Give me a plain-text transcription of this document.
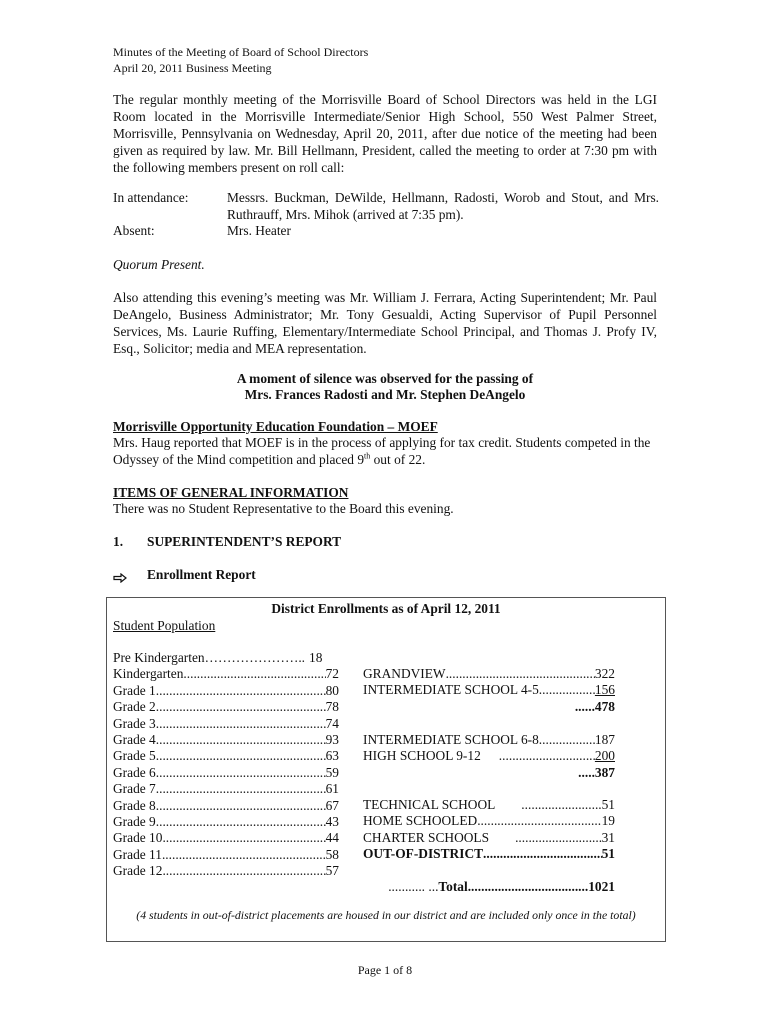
Minutes of the Meeting of Board of School Directors
April 20, 2011 Business Meeting
The regular monthly meeting of the Morrisville Board of School Directors was held in the LGI Room located in the Morrisville Intermediate/Senior High School, 550 West Palmer Street, Morrisville, Pennsylvania on Wednesday, April 20, 2011, after due notice of the meeting had been given as required by law. Mr. Bill Hellmann, President, called the meeting to order at 7:30 pm with the following members present on roll call:
In attendance:	Messrs. Buckman, DeWilde, Hellmann, Radosti, Worob and Stout, and Mrs. Ruthrauff, Mrs. Mihok (arrived at 7:35 pm).
Absent:	Mrs. Heater
Quorum Present.
Also attending this evening’s meeting was Mr. William J. Ferrara, Acting Superintendent; Mr. Paul DeAngelo, Business Administrator; Mr. Tony Gesualdi, Acting Supervisor of Pupil Personnel Services, Ms. Laurie Ruffing, Elementary/Intermediate School Principal, and Thomas J. Profy IV, Esq., Solicitor; media and MEA representation.
A moment of silence was observed for the passing of
Mrs. Frances Radosti and Mr. Stephen DeAngelo
Morrisville Opportunity Education Foundation – MOEF
Mrs. Haug reported that MOEF is in the process of applying for tax credit. Students competed in the Odyssey of the Mind competition and placed 9th out of 22.
ITEMS OF GENERAL INFORMATION
There was no Student Representative to the Board this evening.
1. SUPERINTENDENT’S REPORT
Enrollment Report
District Enrollments as of April 12, 2011
Student Population
Pre Kindergarten………………….. 18
Kindergarten .....	72
Grade 1 .....	80
Grade 2 .....	78
Grade 3 .....	74
Grade 4 .....	93
Grade 5 .....	63
Grade 6 .....	59
Grade 7 .....	61
Grade 8 .....	67
Grade 9 .....	43
Grade 10 .....	44
Grade 11 .....	58
Grade 12 .....	57
GRANDVIEW .....	322
INTERMEDIATE SCHOOL 4-5 .....	156
......478
INTERMEDIATE SCHOOL 6-8 .....	187
HIGH SCHOOL 9-12 .....	200
.....387
TECHNICAL SCHOOL .....	51
HOME SCHOOLED .....	19
CHARTER SCHOOLS .....	31
OUT-OF-DISTRICT .....	51
........... ...Total....................................1021
(4 students in out-of-district placements are housed in our district and are included only once in the total)
Page 1 of 8
